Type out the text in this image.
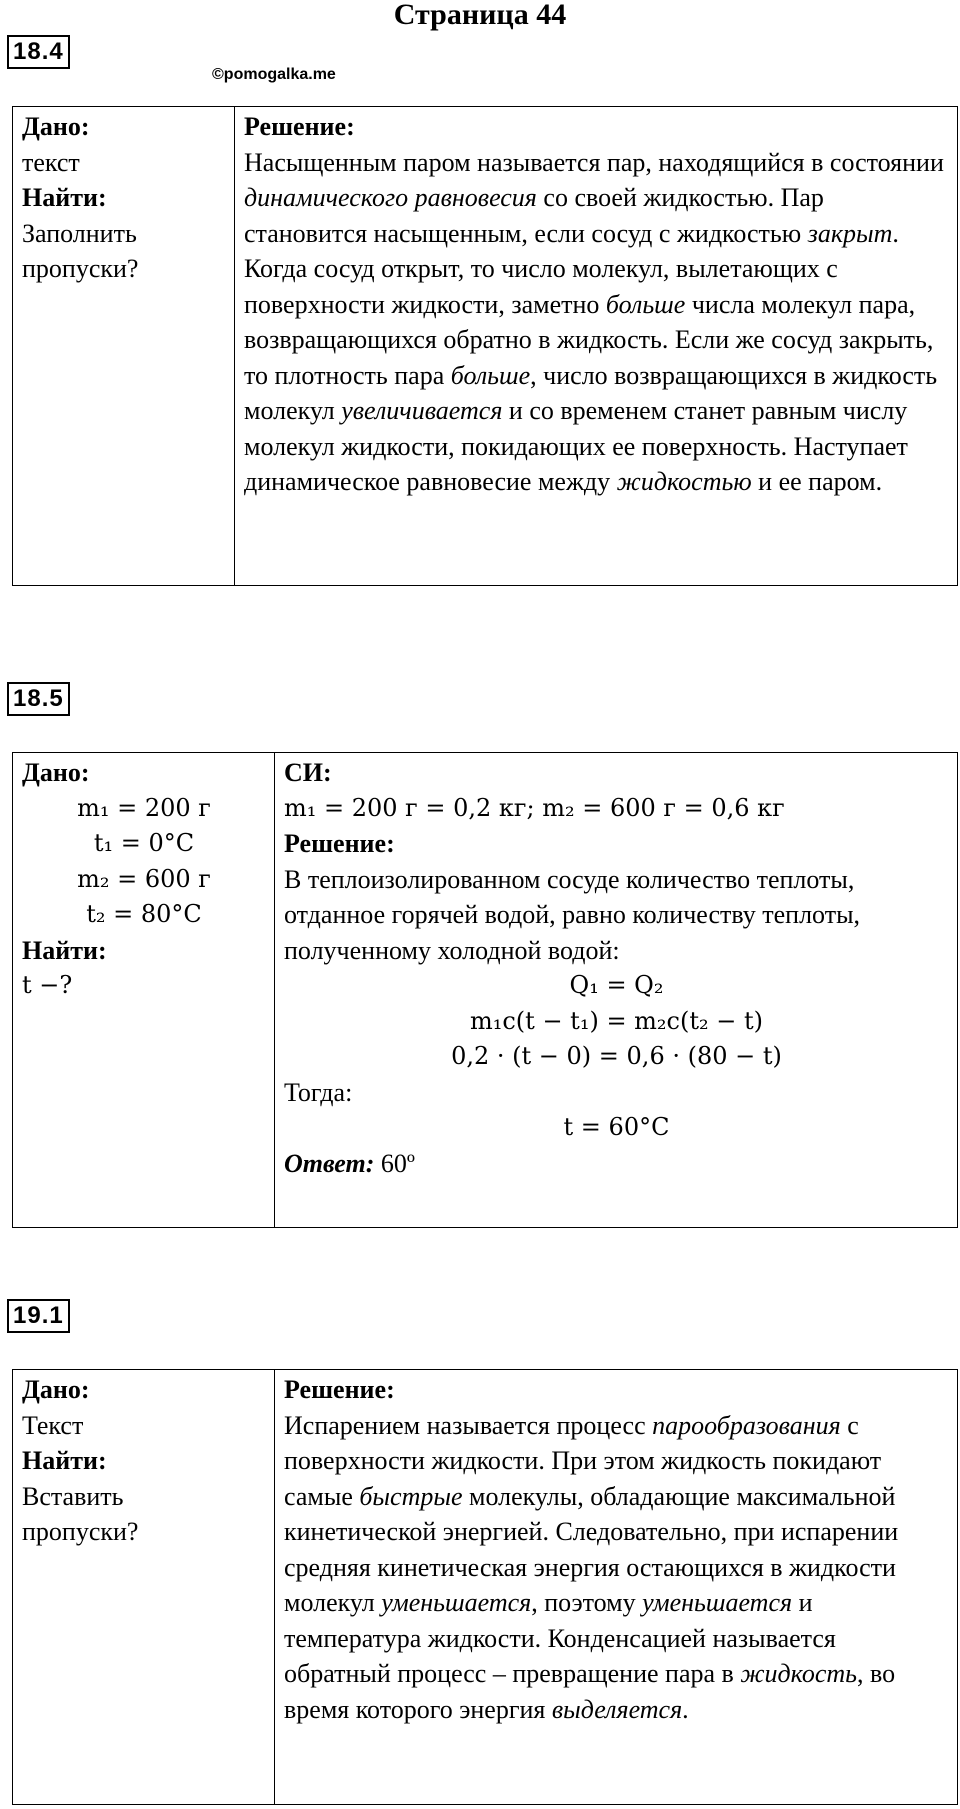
Страница 44
18.4
©pomogalka.me
Дано:
текст
Найти:
Заполнить пропуски?

Решение:
Насыщенным паром называется пар, находящийся в состоянии динамического равновесия со своей жидкостью. Пар становится насыщенным, если сосуд с жидкостью закрыт. Когда сосуд открыт, то число молекул, вылетающих с поверхности жидкости, заметно больше числа молекул пара, возвращающихся обратно в жидкость. Если же сосуд закрыть, то плотность пара больше, число возвращающихся в жидкость молекул увеличивается и со временем станет равным числу молекул жидкости, покидающих ее поверхность. Наступает динамическое равновесие между жидкостью и ее паром.
18.5
Дано:
m₁ = 200 г
t₁ = 0°C
m₂ = 600 г
t₂ = 80°C
Найти:
t −?

СИ:
m₁ = 200 г = 0,2 кг; m₂ = 600 г = 0,6 кг
Решение:
В теплоизолированном сосуде количество теплоты, отданное горячей водой, равно количеству теплоты, полученному холодной водой:
Q₁ = Q₂
m₁c(t − t₁) = m₂c(t₂ − t)
0,2 · (t − 0) = 0,6 · (80 − t)
Тогда:
t = 60°C
Ответ: 60º
19.1
Дано:
Текст
Найти:
Вставить пропуски?

Решение:
Испарением называется процесс парообразования с поверхности жидкости. При этом жидкость покидают самые быстрые молекулы, обладающие максимальной кинетической энергией. Следовательно, при испарении средняя кинетическая энергия остающихся в жидкости молекул уменьшается, поэтому уменьшается и температура жидкости. Конденсацией называется обратный процесс – превращение пара в жидкость, во время которого энергия выделяется.
